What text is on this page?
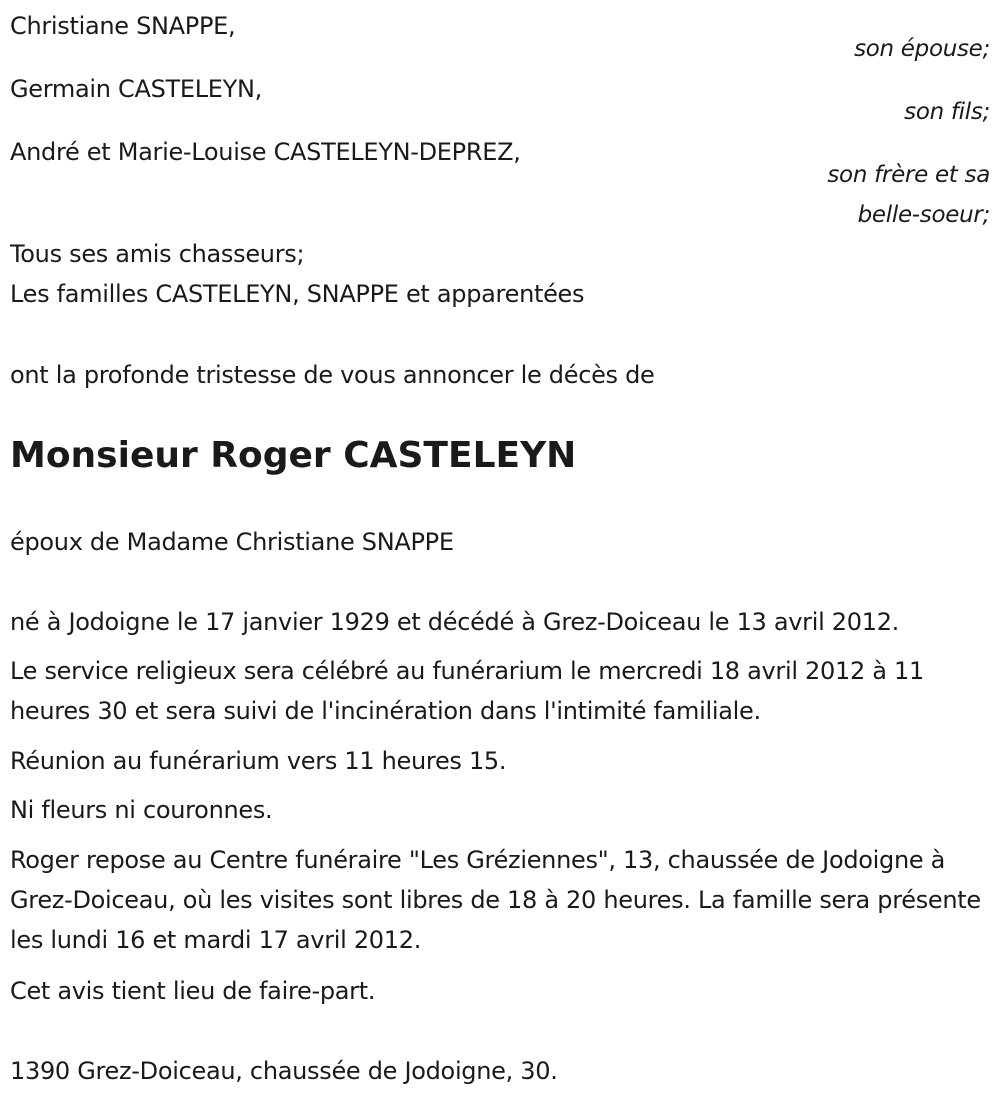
Christiane SNAPPE,
son épouse;
Germain CASTELEYN,
son fils;
André et Marie-Louise CASTELEYN-DEPREZ,
son frère et sa
belle-soeur;
Tous ses amis chasseurs;
Les familles CASTELEYN, SNAPPE et apparentées
ont la profonde tristesse de vous annoncer le décès de
Monsieur Roger CASTELEYN
époux de Madame Christiane SNAPPE
né à Jodoigne le 17 janvier 1929 et décédé à Grez-Doiceau le 13 avril 2012.
Le service religieux sera célébré au funérarium le mercredi 18 avril 2012 à 11 heures 30 et sera suivi de l'incinération dans l'intimité familiale.
Réunion au funérarium vers 11 heures 15.
Ni fleurs ni couronnes.
Roger repose au Centre funéraire "Les Gréziennes", 13, chaussée de Jodoigne à Grez-Doiceau, où les visites sont libres de 18 à 20 heures. La famille sera présente les lundi 16 et mardi 17 avril 2012.
Cet avis tient lieu de faire-part.
1390 Grez-Doiceau, chaussée de Jodoigne, 30.
